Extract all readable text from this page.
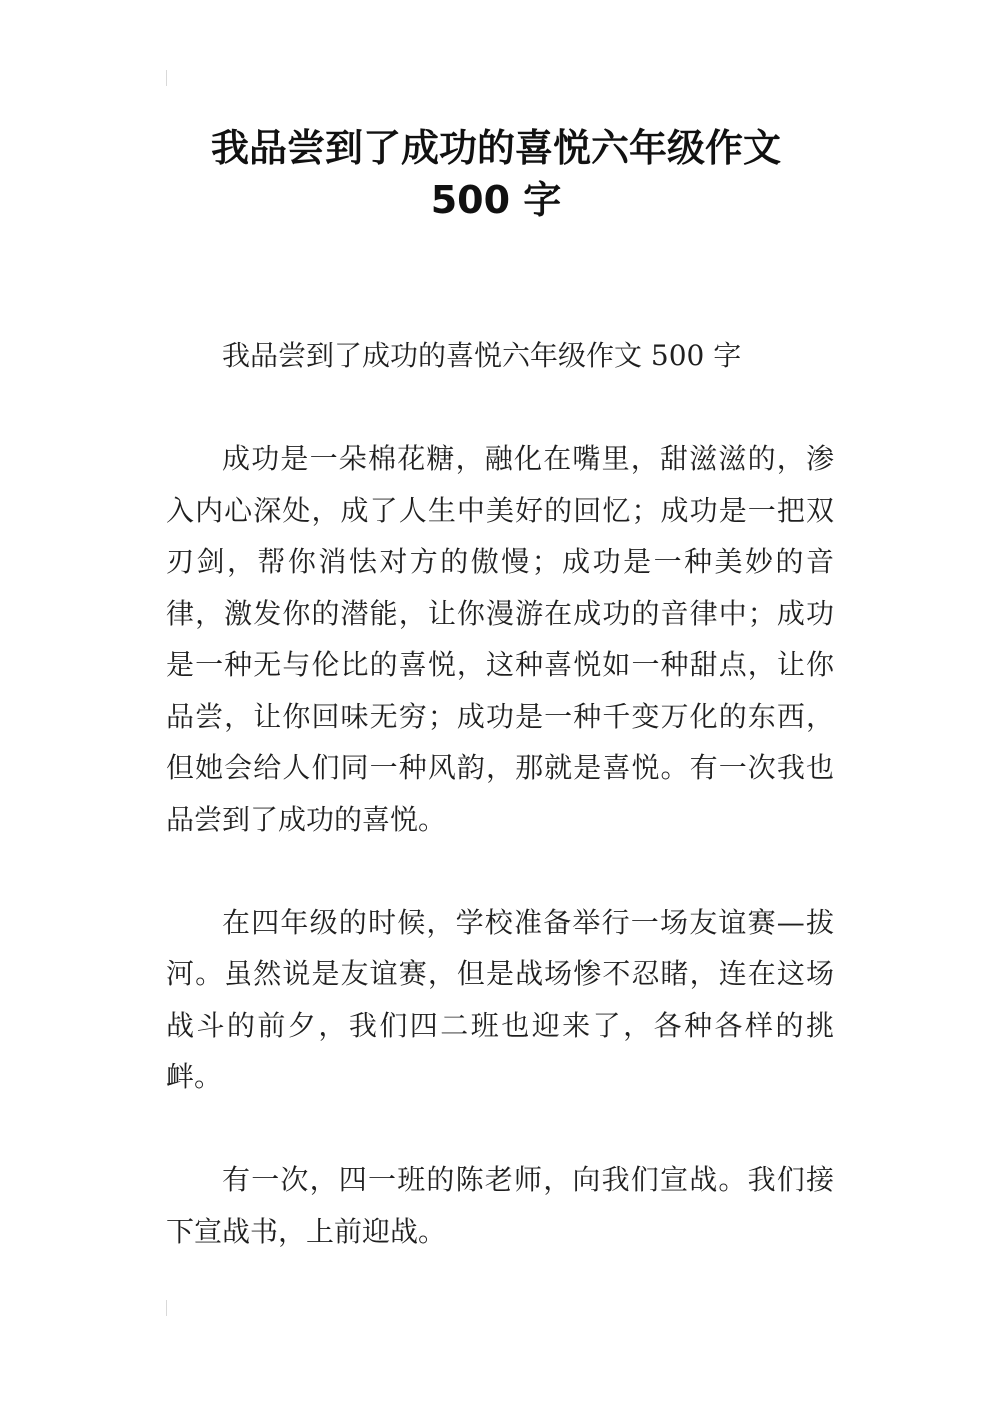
我品尝到了成功的喜悦六年级作文
500 字

我品尝到了成功的喜悦六年级作文 500 字

成功是一朵棉花糖，融化在嘴里，甜滋滋的，渗入内心深处，成了人生中美好的回忆；成功是一把双刃剑，帮你消怯对方的傲慢；成功是一种美妙的音律，激发你的潜能，让你漫游在成功的音律中；成功是一种无与伦比的喜悦，这种喜悦如一种甜点，让你品尝，让你回味无穷；成功是一种千变万化的东西，但她会给人们同一种风韵，那就是喜悦。有一次我也品尝到了成功的喜悦。

在四年级的时候，学校准备举行一场友谊赛—拔河。虽然说是友谊赛，但是战场惨不忍睹，连在这场战斗的前夕，我们四二班也迎来了，各种各样的挑衅。

有一次，四一班的陈老师，向我们宣战。我们接下宣战书，上前迎战。
